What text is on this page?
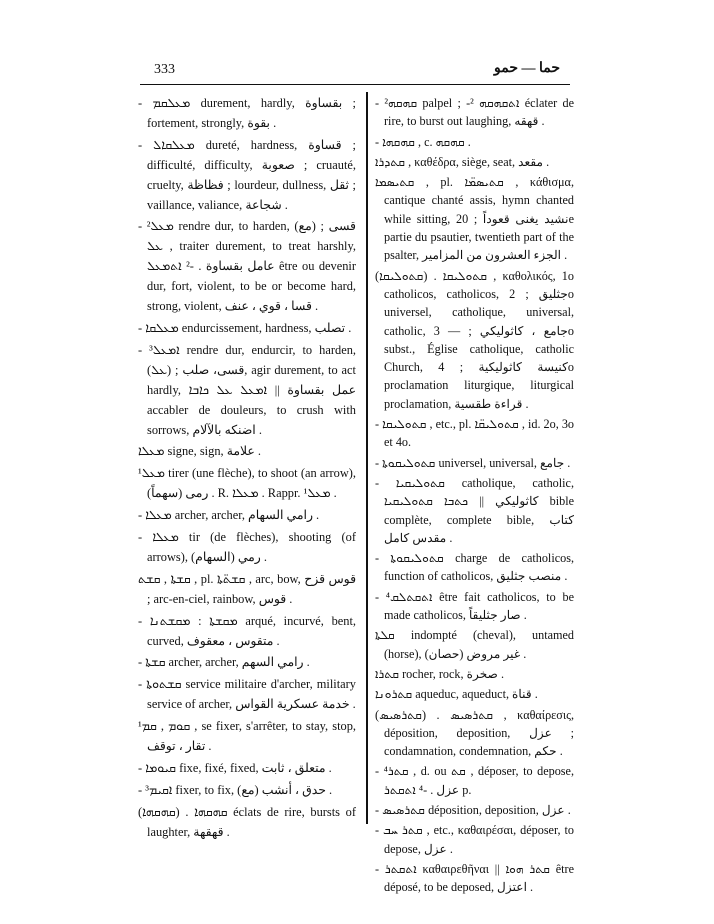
333	حما — حمو

- ܡܥܠܩܡ durement, hardly, بقساوة ; fortement, strongly, بقوة .

- ܡܥܠܩܐܠ dureté, hardness, قساوة ; difficulté, difficulty, صعوبة ; cruauté, cruelty, فظاظة ; lourdeur, dullness, ثقل ; vaillance, valiance, شجاعة .

- ²ܡܥܠ rendre dur, to harden, (مع) قسى ; ܥܠ , traiter durement, to treat harshly, عامل بقساوة . -² ܐܬܡܥܠ être ou devenir dur, fort, violent, to be or become hard, strong, violent, قسا ، قوي ، عنف .

- ܡܥܠܩܐ endurcissement, hardness, تصلب .

- ³ܐܡܥܠ rendre dur, endurcir, to harden, قسى، صلب ; (ܥܠ), agir durement, to act hardly, عمل بقساوة || ܐܡܥܠ ܥܠ ܟܐܒܐ accabler de douleurs, to crush with sorrows, اضنكه بالآلام .

ܡܥܠܐ signe, sign, علامة .

¹ܡܥܠ tirer (une flèche), to shoot (an arrow), رمى (سهماً) . R. ܡܥܠܐ . Rappr. ¹ܡܥܠ .

- ܡܥܠܐ archer, archer, رامي السهام .

- ܡܥܠܐ tir (de flèches), shooting (of arrows), رمي (السهام) .

ܩܫܬܐ , ܩܫܬ , pl. ܩܫܬ̈ܬܐ , arc, bow, قوس قزح ; arc-en-ciel, rainbow, قوس .

- ܡܩܫܬܐ : ܡܩܫܬܢܐ arqué, incurvé, bent, curved, متقوس ، معقوف .

- ܩܫܬܐ archer, archer, رامي السهم .

- ܩܫܬܘܬܐ service militaire d'archer, military service of archer, خدمة عسكرية القواس .

¹ܩܘܡ , ܩܡ , se fixer, s'arrêter, to stay, stop, تقار ، توقف .

- ܩܝܘܡܐ fixe, fixé, fixed, متعلق ، ثابت .

- ³ܐܩܝܡ fixer, to fix, (مع) حدق ، أنشب .

(ܩܗܩܗܐ) . ܩܗܩܗܐ éclats de rire, bursts of laughter, قهقهة .

- ²ܩܗܩܗ palpel ; -² ܐܬܩܗܩܗ éclater de rire, to burst out laughing, قهقه .

- ܩܗܩܗܐ , c. ܩܗܩܗ .

ܩܬܕܪܐ , καθέδρα, siège, seat, مقعد .

ܩܬܝܣܡܐ , pl. ܩܬܝܣܡ̈ܐ , κάθισμα, cantique chanté assis, hymn chanted while sitting, نشيد يغنى قعوداً ; 20e partie du psautier, twentieth part of the psalter, الجزء العشرون من المزامير .

(ܩܬܘܠܝܩܐ) . ܩܬܘܠܝܩܐ , καθολικός, 1o catholicos, catholicos, جثليق ; 2o universel, catholique, universal, catholic, جامع ، كاثوليكي ; — 3o subst., Église catholique, catholic Church, كنيسة كاثوليكية ; 4o proclamation liturgique, liturgical proclamation, قراءة طقسية .

- ܩܬܘܠܝܩܐ , etc., pl. ܩܬܘܠܝܩ̈ܐ , id. 2o, 3o et 4o.

- ܩܬܘܠܝܩܘܬܐ universel, universal, جامع .

- ܩܬܘܠܝܩܝܐ catholique, catholic, كاثوليكي || ܟܬܒܐ ܩܬܘܠܝܩܝܐ bible complète, complete bible, كتاب مقدس كامل .

- ܩܬܘܠܝܩܘܬܐ charge de catholicos, function of catholicos, منصب جثليق .

- ⁴ܐܬܩܬܠܩ être fait catholicos, to be made catholicos, صار جثليقاً .

ܩܠܬܐ indompté (cheval), untamed (horse), غير مروض (حصان) .

ܩܬܪܐ rocher, rock, صخرة .

ܩܬܪܘܢܐ aqueduc, aqueduct, قناة .

(ܩܬܪܣܝܣ) . ܩܬܪܣܝܣ , καθαίρεσις, déposition, deposition, عزل ; condamnation, condemnation, حكم .

- ⁴ܩܬܪ , d. ou ܩܬ , déposer, to depose, عزل . -⁴ ܐܬܩܬܪ p.

- ܩܬܪܣܝܣ déposition, deposition, عزل .

- ܩܬܪ ܚܒ , etc., καθαιρέσαι, déposer, to depose, عزل .

- ܐܬܩܬܪ καθαιρεθῆναι || ܩܬܪ ܗܘܐ être déposé, to be deposed, اعتزل .
